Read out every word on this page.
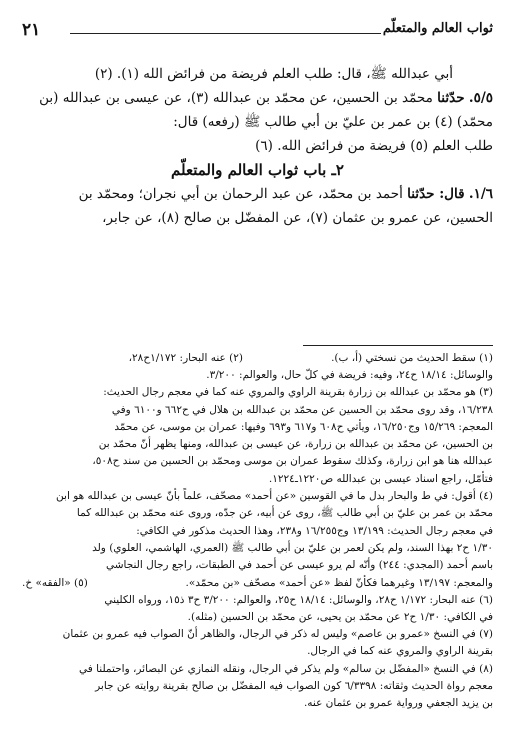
٢١	ثواب العالم والمتعلّم

أبي عبدالله ﷺ، قال: طلب العلم فريضة من فرائض الله (١). (٢)

٥/٥. حدّثنا محمّد بن الحسين، عن محمّد بن عبدالله (٣)، عن عيسى بن عبدالله (بن

محمّد) (٤) بن عمر بن عليّ بن أبي طالب ﷺ (رفعه) قال:

طلب العلم (٥) فريضة من فرائض الله. (٦)

٢ـ باب ثواب العالم والمتعلّم

١/٦. قال: حدّثنا أحمد بن محمّد، عن عبد الرحمان بن أبي نجران؛ ومحمّد بن

الحسين، عن عمرو بن عثمان (٧)، عن المفضّل بن صالح (٨)، عن جابر،

(١) سقط الحديث من نسختي (أ، ب).
(٢) عنه البحار: ١/١٧٢ح٢٨،

والوسائل: ١٨/١٤ ح٢٤، وفيه: فريضة في كلّ حال، والعوالم: ٣/٢٠٠.

(٣) هو محمّد بن عبدالله بن زرارة بقرينة الراوي والمروي عنه كما في معجم رجال الحديث:

١٦/٢٣٨، وقد روى محمّد بن الحسين عن محمّد بن عبدالله بن هلال في ح٦٦٢ و٦١٠٠ وفي

المعجم: ١٥/٢٦٩ وج١٦/٢٥٠، ويأتي ح٦٠٨ و٦١٧ و٦٩٣ وفيها: عمران بن موسى، عن محمّد

بن الحسين، عن محمّد بن عبدالله بن زرارة، عن عيسى بن عبدالله، ومنها يظهر أنّ محمّد بن

عبدالله هنا هو ابن زرارة، وكذلك سقوط عمران بن موسى ومحمّد بن الحسين من سند ح٥٠٨،

فتأمّل، راجع اسناد عيسى بن عبدالله ص١٢٢٠ـ١٢٢٤.

(٤) أقول: في ط والبحار بدل ما في القوسين «عن أحمد» مصحّف، علماً بأنّ عيسى بن عبدالله هو ابن

محمّد بن عمر بن عليّ بن أبي طالب ﷺ، روى عن أبيه، عن جدّه، وروى عنه محمّد بن عبدالله كما

في معجم رجال الحديث: ١٣/١٩٩ وج١٦/٢٥٥ و٢٣٨، وهذا الحديث مذكور في الكافي:

١/٣٠ ح٢ بهذا السند، ولم يكن لعمر بن عليّ بن أبي طالب ﷺ (العمري، الهاشمي، العلوي) ولد

باسم أحمد (المجدي: ٢٤٤) وأنّه لم يرو عيسى عن أحمد في الطبقات، راجع رجال النجاشي

والمعجم: ١٣/١٩٧ وغيرهما فكأنّ لفظ «عن أحمد» مصحّف «بن محمّد».
(٥) «الفقه» خ.

(٦) عنه البحار: ١/١٧٢ ح٢٨، والوسائل: ١٨/١٤ ح٢٥، والعوالم: ٣/٢٠٠ ح٣ ذ١٥، ورواه الكليني

في الكافي: ١/٣٠ ح٢ عن محمّد بن يحيى، عن محمّد بن الحسين (مثله).

(٧) في النسخ «عمرو بن عاصم» وليس له ذكر في الرجال، والظاهر أنّ الصواب فيه عمرو بن عثمان

بقرينة الراوي والمروي عنه كما في الرجال.

(٨) في النسخ «المفضّل بن سالم» ولم يذكر في الرجال، ونقله النمازي عن البصائر، واحتملنا في

معجم رواة الحديث وثقاته: ٦/٣٣٩٨ كون الصواب فيه المفضّل بن صالح بقرينة روايته عن جابر

بن يزيد الجعفي ورواية عمرو بن عثمان عنه.
